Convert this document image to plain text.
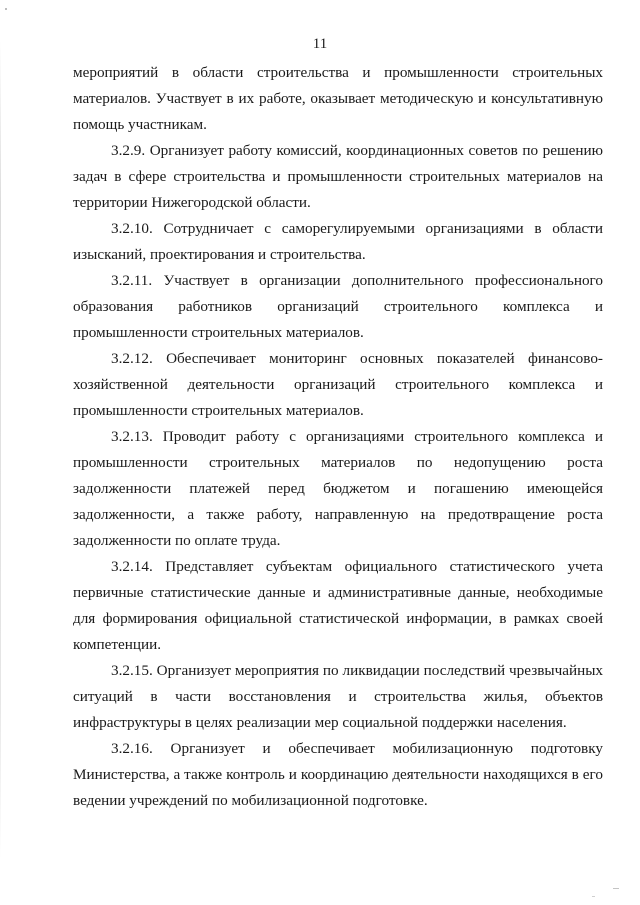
11

мероприятий в области строительства и промышленности строительных материалов. Участвует в их работе, оказывает методическую и консультативную помощь участникам.

3.2.9. Организует работу комиссий, координационных советов по решению задач в сфере строительства и промышленности строительных материалов на территории Нижегородской области.

3.2.10. Сотрудничает с саморегулируемыми организациями в области изысканий, проектирования и строительства.

3.2.11. Участвует в организации дополнительного профессионального образования работников организаций строительного комплекса и промышленности строительных материалов.

3.2.12. Обеспечивает мониторинг основных показателей финансово-хозяйственной деятельности организаций строительного комплекса и промышленности строительных материалов.

3.2.13. Проводит работу с организациями строительного комплекса и промышленности строительных материалов по недопущению роста задолженности платежей перед бюджетом и погашению имеющейся задолженности, а также работу, направленную на предотвращение роста задолженности по оплате труда.

3.2.14. Представляет субъектам официального статистического учета первичные статистические данные и административные данные, необходимые для формирования официальной статистической информации, в рамках своей компетенции.

3.2.15. Организует мероприятия по ликвидации последствий чрезвычайных ситуаций в части восстановления и строительства жилья, объектов инфраструктуры в целях реализации мер социальной поддержки населения.

3.2.16. Организует и обеспечивает мобилизационную подготовку Министерства, а также контроль и координацию деятельности находящихся в его ведении учреждений по мобилизационной подготовке.
